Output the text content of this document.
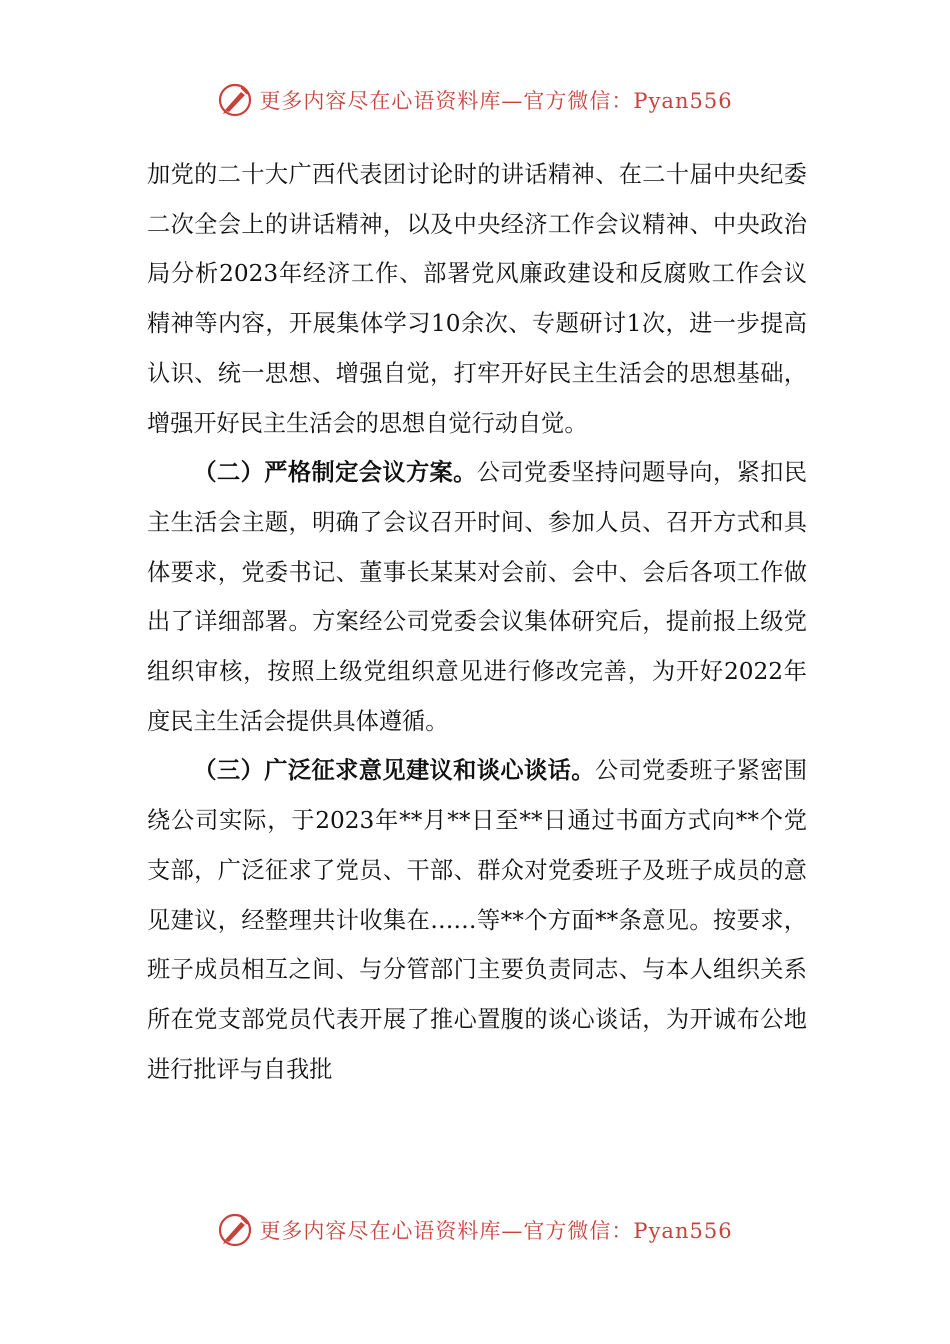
更多内容尽在心语资料库—官方微信：Pyan556

加党的二十大广西代表团讨论时的讲话精神、在二十届中央纪委二次全会上的讲话精神，以及中央经济工作会议精神、中央政治局分析2023年经济工作、部署党风廉政建设和反腐败工作会议精神等内容，开展集体学习10余次、专题研讨1次，进一步提高认识、统一思想、增强自觉，打牢开好民主生活会的思想基础，增强开好民主生活会的思想自觉行动自觉。

（二）严格制定会议方案。公司党委坚持问题导向，紧扣民主生活会主题，明确了会议召开时间、参加人员、召开方式和具体要求，党委书记、董事长某某对会前、会中、会后各项工作做出了详细部署。方案经公司党委会议集体研究后，提前报上级党组织审核，按照上级党组织意见进行修改完善，为开好2022年度民主生活会提供具体遵循。

（三）广泛征求意见建议和谈心谈话。公司党委班子紧密围绕公司实际，于2023年**月**日至**日通过书面方式向**个党支部，广泛征求了党员、干部、群众对党委班子及班子成员的意见建议，经整理共计收集在……等**个方面**条意见。按要求，班子成员相互之间、与分管部门主要负责同志、与本人组织关系所在党支部党员代表开展了推心置腹的谈心谈话，为开诚布公地进行批评与自我批

更多内容尽在心语资料库—官方微信：Pyan556
